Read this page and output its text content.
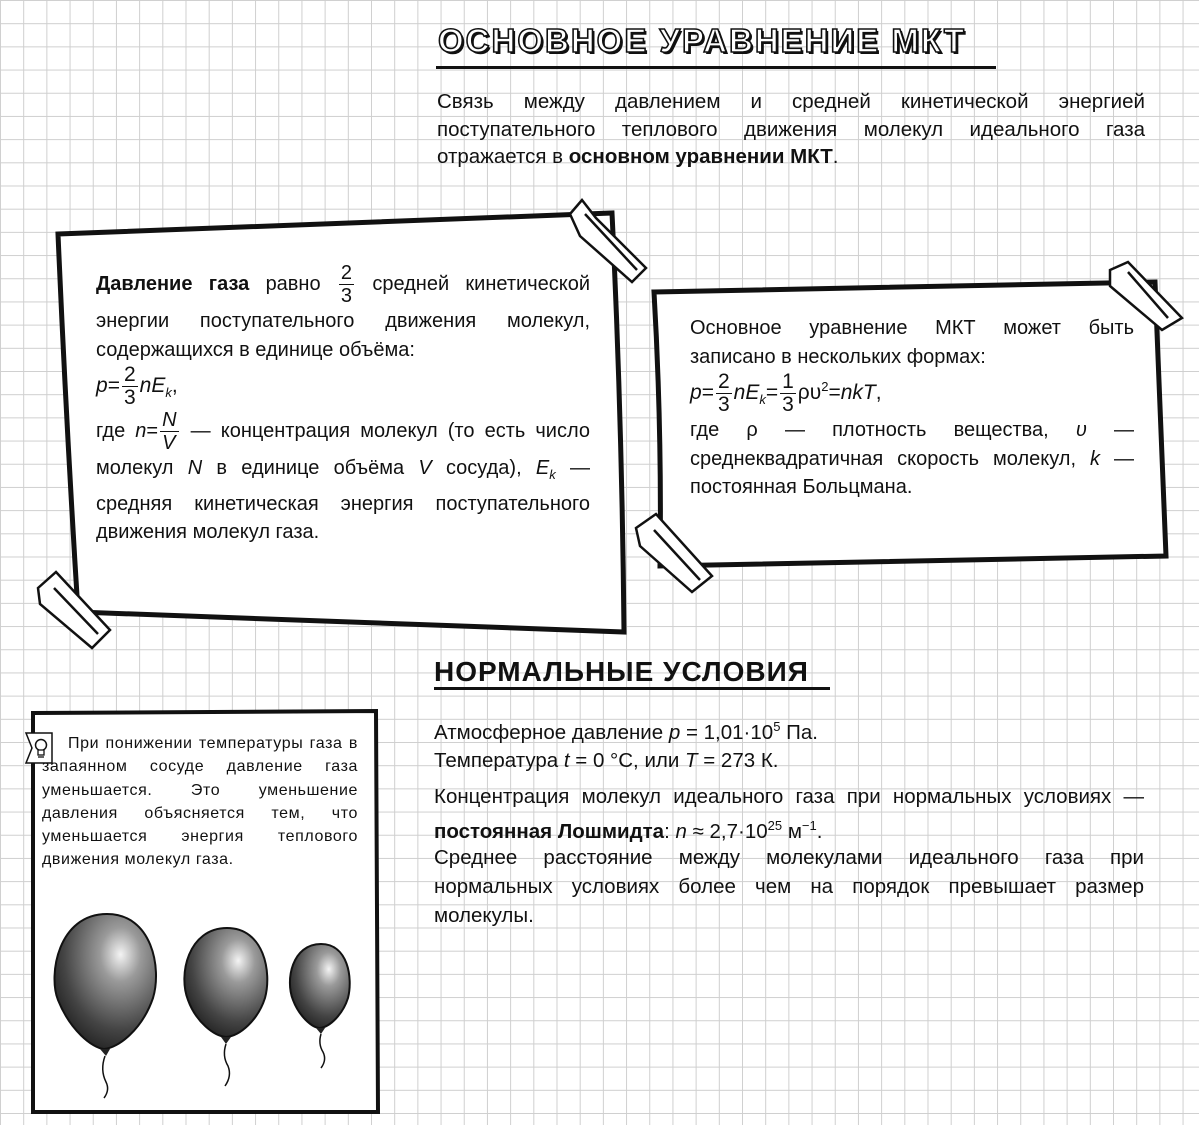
ОСНОВНОЕ УРАВНЕНИЕ МКТ
Связь между давлением и средней кинетической энергией поступательного теплового движения молекул идеального газа отражается в основном уравнении МКТ.

Давление газа равно $\frac{2}{3}$ средней кинетической энергии поступательного движения молекул, содержащихся в единице объёма:

$p= \frac{2}{3} nE_k$,

где $n= \frac{N}{V}$ — концентрация молекул (то есть число молекул N в единице объёма V сосуда), $E_k$ — средняя кинетическая энергия поступательного движения молекул газа.

Основное уравнение МКТ может быть записано в нескольких формах:

$p= \frac{2}{3} nE_k= \frac{1}{3} \rho\upsilon^2=nkT$,

где ρ — плотность вещества, υ — среднеквадратичная скорость молекул, k — постоянная Больцмана.

НОРМАЛЬНЫЕ УСЛОВИЯ
Атмосферное давление $p = 1,01\cdot 10^5$ Па.
Температура t = 0 °С, или T = 273 К.
Концентрация молекул идеального газа при нормальных условиях — постоянная Лошмидта: $n \approx 2,7\cdot 10^{25}$ $м^{-1}$.
Среднее расстояние между молекулами идеального газа при нормальных условиях более чем на порядок превышает размер молекулы.

При понижении температуры газа в запаянном сосуде давление газа уменьшается. Это уменьшение давления объясняется тем, что уменьшается энергия теплового движения молекул газа.
